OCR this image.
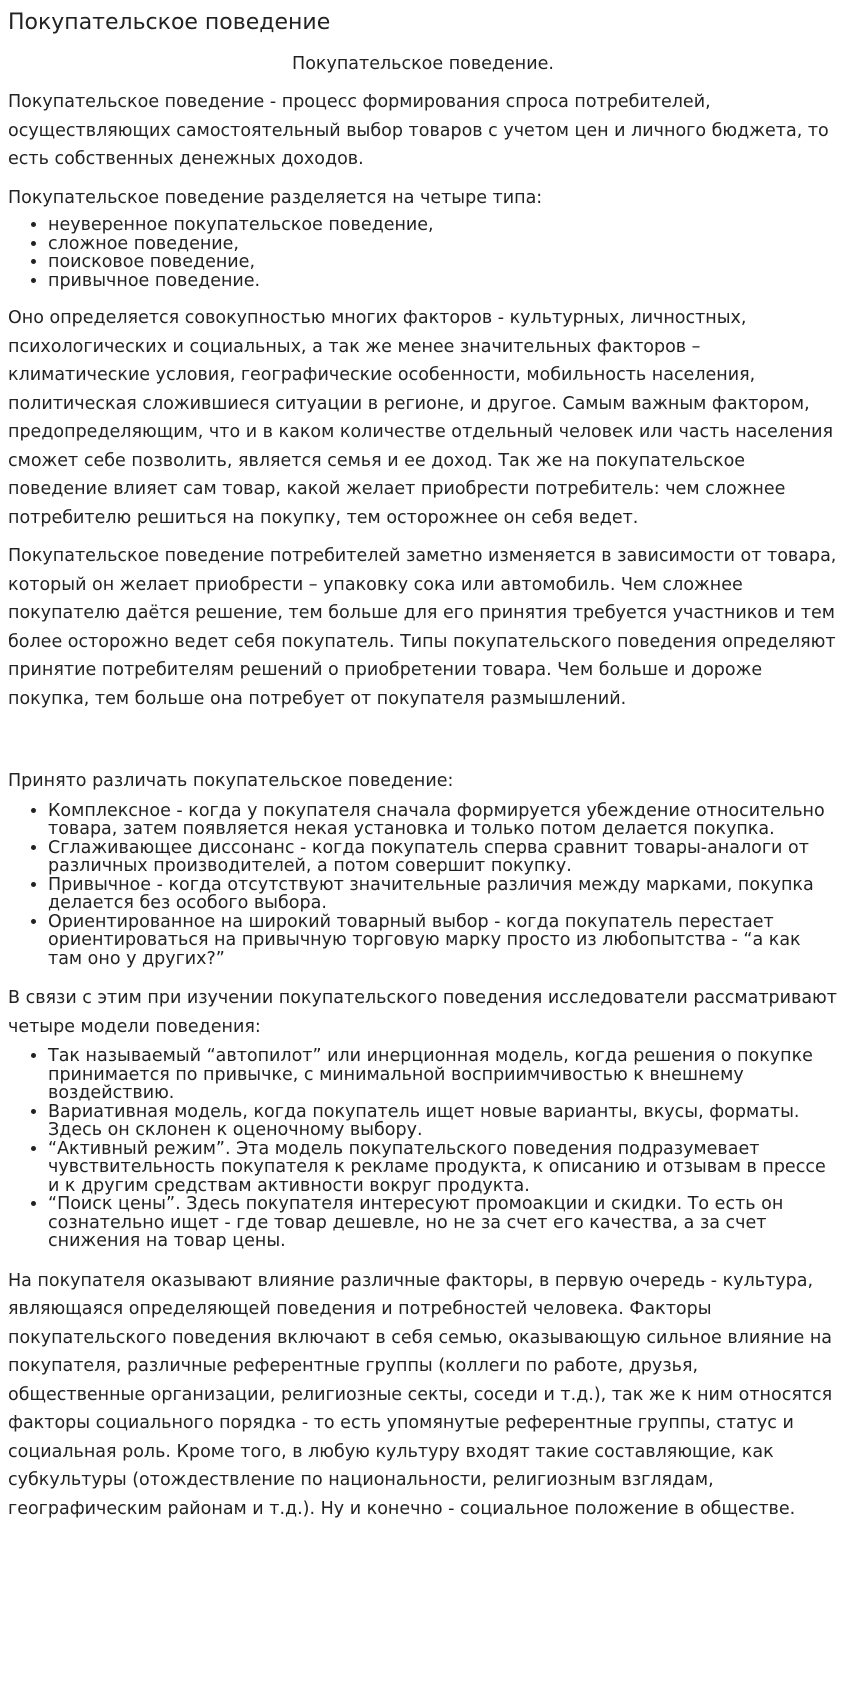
Покупательское поведение
Покупательское поведение.

Покупательское поведение - процесс формирования спроса потребителей, осуществляющих самостоятельный выбор товаров с учетом цен и личного бюджета, то есть собственных денежных доходов.

Покупательское поведение разделяется на четыре типа:

• неуверенное покупательское поведение,
• сложное поведение,
• поисковое поведение,
• привычное поведение.

Оно определяется совокупностью многих факторов - культурных, личностных, психологических и социальных, а так же менее значительных факторов – климатические условия, географические особенности, мобильность населения, политическая сложившиеся ситуации в регионе, и другое. Самым важным фактором, предопределяющим, что и в каком количестве отдельный человек или часть населения сможет себе позволить, является семья и ее доход. Так же на покупательское поведение влияет сам товар, какой желает приобрести потребитель: чем сложнее потребителю решиться на покупку, тем осторожнее он себя ведет.

Покупательское поведение потребителей заметно изменяется в зависимости от товара, который он желает приобрести – упаковку сока или автомобиль. Чем сложнее покупателю даётся решение, тем больше для его принятия требуется участников и тем более осторожно ведет себя покупатель. Типы покупательского поведения определяют принятие потребителям решений о приобретении товара. Чем больше и дороже покупка, тем больше она потребует от покупателя размышлений.

Принято различать покупательское поведение:

• Комплексное - когда у покупателя сначала формируется убеждение относительно товара, затем появляется некая установка и только потом делается покупка.
• Сглаживающее диссонанс - когда покупатель сперва сравнит товары-аналоги от различных производителей, а потом совершит покупку.
• Привычное - когда отсутствуют значительные различия между марками, покупка делается без особого выбора.
• Ориентированное на широкий товарный выбор - когда покупатель перестает ориентироваться на привычную торговую марку просто из любопытства - “а как там оно у других?”

В связи с этим при изучении покупательского поведения исследователи рассматривают четыре модели поведения:

• Так называемый “автопилот” или инерционная модель, когда решения о покупке принимается по привычке, с минимальной восприимчивостью к внешнему воздействию.
• Вариативная модель, когда покупатель ищет новые варианты, вкусы, форматы. Здесь он склонен к оценочному выбору.
• “Активный режим”. Эта модель покупательского поведения подразумевает чувствительность покупателя к рекламе продукта, к описанию и отзывам в прессе и к другим средствам активности вокруг продукта.
• “Поиск цены”. Здесь покупателя интересуют промоакции и скидки. То есть он сознательно ищет - где товар дешевле, но не за счет его качества, а за счет снижения на товар цены.

На покупателя оказывают влияние различные факторы, в первую очередь - культура, являющаяся определяющей поведения и потребностей человека. Факторы покупательского поведения включают в себя семью, оказывающую сильное влияние на покупателя, различные референтные группы (коллеги по работе, друзья, общественные организации, религиозные секты, соседи и т.д.), так же к ним относятся факторы социального порядка - то есть упомянутые референтные группы, статус и социальная роль. Кроме того, в любую культуру входят такие составляющие, как субкультуры (отождествление по национальности, религиозным взглядам, географическим районам и т.д.). Ну и конечно - социальное положение в обществе.
